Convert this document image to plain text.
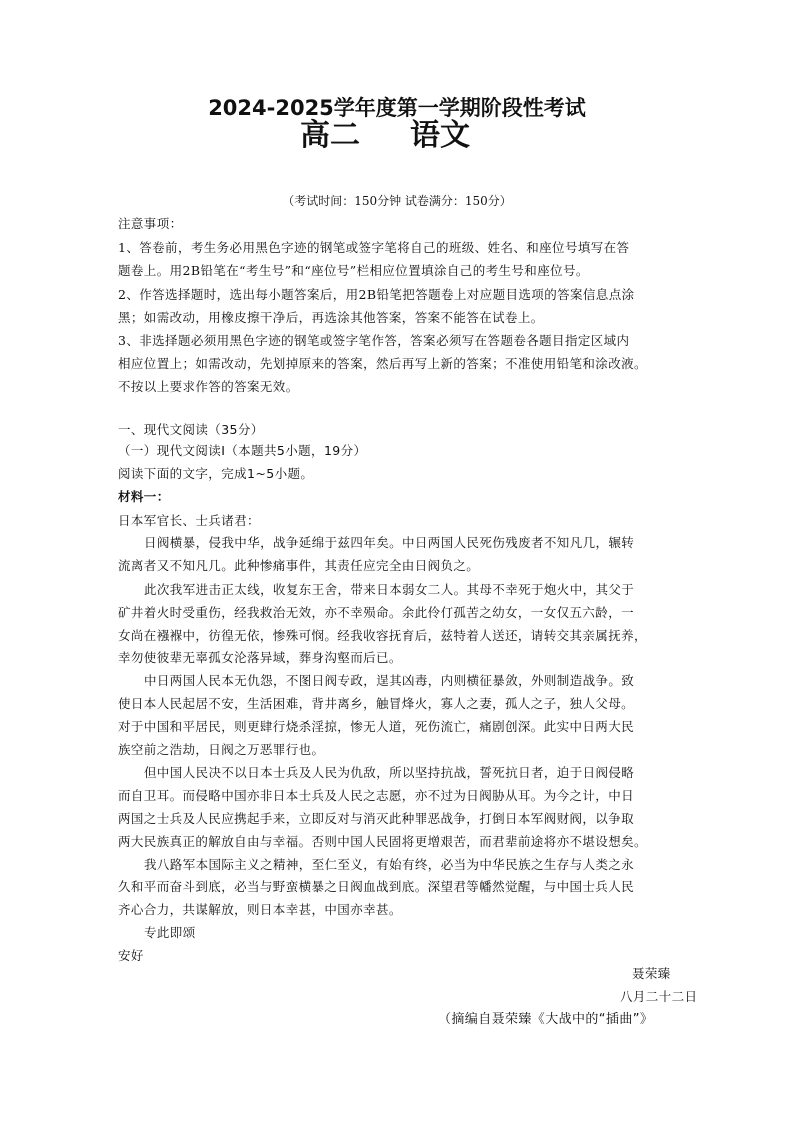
2024-2025学年度第一学期阶段性考试
高二 语文
（考试时间：150分钟 试卷满分：150分）
注意事项：
1、答卷前，考生务必用黑色字迹的钢笔或签字笔将自己的班级、姓名、和座位号填写在答
题卷上。用2B铅笔在“考生号”和“座位号”栏相应位置填涂自己的考生号和座位号。
2、作答选择题时，选出每小题答案后，用2B铅笔把答题卷上对应题目选项的答案信息点涂
黑；如需改动，用橡皮擦干净后，再选涂其他答案，答案不能答在试卷上。
3、非选择题必须用黑色字迹的钢笔或签字笔作答，答案必须写在答题卷各题目指定区域内
相应位置上；如需改动，先划掉原来的答案，然后再写上新的答案；不准使用铅笔和涂改液。
不按以上要求作答的答案无效。
一、现代文阅读（35分）
（一）现代文阅读Ⅰ（本题共5小题，19分）
阅读下面的文字，完成1~5小题。
材料一：
日本军官长、士兵诸君：
日阀横暴，侵我中华，战争延绵于兹四年矣。中日两国人民死伤残废者不知凡几，辗转
流离者又不知凡几。此种惨痛事件，其责任应完全由日阀负之。
此次我军进击正太线，收复东王舍，带来日本弱女二人。其母不幸死于炮火中，其父于
矿井着火时受重伤，经我救治无效，亦不幸殒命。余此伶仃孤苦之幼女，一女仅五六龄，一
女尚在襁褓中，彷徨无依，惨殊可悯。经我收容抚育后，兹特着人送还，请转交其亲属抚养，
幸勿使彼辈无辜孤女沦落异域，葬身沟壑而后已。
中日两国人民本无仇怨，不图日阀专政，逞其凶毒，内则横征暴敛，外则制造战争。致
使日本人民起居不安，生活困难，背井离乡，触冒烽火，寡人之妻，孤人之子，独人父母。
对于中国和平居民，则更肆行烧杀淫掠，惨无人道，死伤流亡，痛剧创深。此实中日两大民
族空前之浩劫，日阀之万恶罪行也。
但中国人民决不以日本士兵及人民为仇敌，所以坚持抗战，誓死抗日者，迫于日阀侵略
而自卫耳。而侵略中国亦非日本士兵及人民之志愿，亦不过为日阀胁从耳。为今之计，中日
两国之士兵及人民应携起手来，立即反对与消灭此种罪恶战争，打倒日本军阀财阀，以争取
两大民族真正的解放自由与幸福。否则中国人民固将更增艰苦，而君辈前途将亦不堪设想矣。
我八路军本国际主义之精神，至仁至义，有始有终，必当为中华民族之生存与人类之永
久和平而奋斗到底，必当与野蛮横暴之日阀血战到底。深望君等幡然觉醒，与中国士兵人民
齐心合力，共谋解放，则日本幸甚，中国亦幸甚。
专此即颂
安好
聂荣臻
八月二十二日
（摘编自聂荣臻《大战中的“插曲”》
